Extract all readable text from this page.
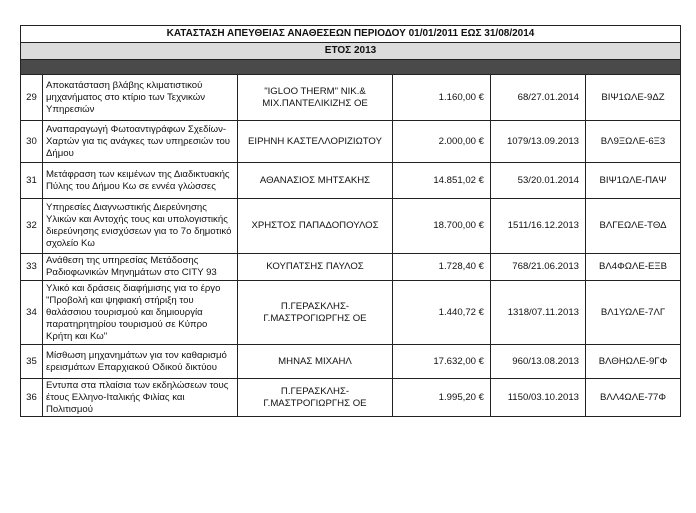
ΚΑΤΑΣΤΑΣΗ ΑΠΕΥΘΕΙΑΣ ΑΝΑΘΕΣΕΩΝ ΠΕΡΙΟΔΟΥ 01/01/2011 ΕΩΣ 31/08/2014					
ΕΤΟΣ 2013					

29	Αποκατάσταση βλάβης κλιματιστικού μηχανήματος στο κτίριο των Τεχνικών Υπηρεσιών	"IGLOO THERM" ΝΙΚ.& ΜΙΧ.ΠΑΝΤΕΛΙΚΙΖΗΣ ΟΕ	1.160,00 €	68/27.01.2014	ΒΙΨ1ΩΛΕ-9ΔΖ
30	Αναπαραγωγή Φωτοαντιγράφων Σχεδίων-Χαρτών για τις ανάγκες των υπηρεσιών του Δήμου	ΕΙΡΗΝΗ ΚΑΣΤΕΛΛΟΡΙΖΙΩΤΟΥ	2.000,00 €	1079/13.09.2013	ΒΛ9ΞΩΛΕ-6Ξ3
31	Μετάφραση των κειμένων της Διαδικτυακής Πύλης του Δήμου Κω σε εννέα γλώσσες	ΑΘΑΝΑΣΙΟΣ ΜΗΤΣΑΚΗΣ	14.851,02 €	53/20.01.2014	ΒΙΨ1ΩΛΕ-ΠΑΨ
32	Υπηρεσίες Διαγνωστικής Διερεύνησης Υλικών και Αντοχής τους και υπολογιστικής διερεύνησης ενισχύσεων για το 7ο δημοτικό σχολείο Κω	ΧΡΗΣΤΟΣ ΠΑΠΑΔΟΠΟΥΛΟΣ	18.700,00 €	1511/16.12.2013	ΒΛΓΕΩΛΕ-ΤΘΔ
33	Ανάθεση της υπηρεσίας Μετάδοσης Ραδιοφωνικών Μηνημάτων στο CITY 93	ΚΟΥΠΑΤΣΗΣ ΠΑΥΛΟΣ	1.728,40 €	768/21.06.2013	ΒΛ4ΦΩΛΕ-ΕΞΒ
34	Υλικό και δράσεις διαφήμισης για το έργο "Προβολή και ψηφιακή στήριξη του θαλάσσιου τουρισμού και δημιουργία παρατηρητηρίου τουρισμού σε Κύπρο Κρήτη και Κω"	Π.ΓΕΡΑΣΚΛΗΣ-Γ.ΜΑΣΤΡΟΓΙΩΡΓΗΣ ΟΕ	1.440,72 €	1318/07.11.2013	ΒΛ1ΥΩΛΕ-7ΛΓ
35	Μίσθωση μηχανημάτων για τον καθαρισμό ερεισμάτων Επαρχιακού Οδικού δικτύου	ΜΗΝΑΣ ΜΙΧΑΗΛ	17.632,00 €	960/13.08.2013	ΒΛΘΗΩΛΕ-9ΓΦ
36	Εντυπα στα πλαίσια των εκδηλώσεων τους έτους Ελληνο-Ιταλικής Φιλίας και Πολιτισμού	Π.ΓΕΡΑΣΚΛΗΣ-Γ.ΜΑΣΤΡΟΓΙΩΡΓΗΣ ΟΕ	1.995,20 €	1150/03.10.2013	ΒΛΛ4ΩΛΕ-77Φ
